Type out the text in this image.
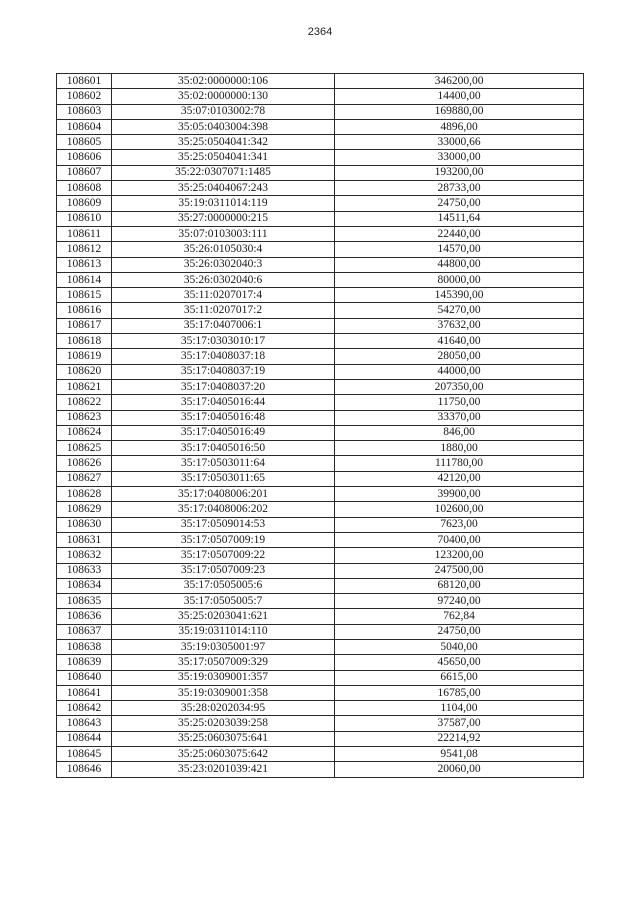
2364
108601	35:02:0000000:106	346200,00
108602	35:02:0000000:130	14400,00
108603	35:07:0103002:78	169880,00
108604	35:05:0403004:398	4896,00
108605	35:25:0504041:342	33000,66
108606	35:25:0504041:341	33000,00
108607	35:22:0307071:1485	193200,00
108608	35:25:0404067:243	28733,00
108609	35:19:0311014:119	24750,00
108610	35:27:0000000:215	14511,64
108611	35:07:0103003:111	22440,00
108612	35:26:0105030:4	14570,00
108613	35:26:0302040:3	44800,00
108614	35:26:0302040:6	80000,00
108615	35:11:0207017:4	145390,00
108616	35:11:0207017:2	54270,00
108617	35:17:0407006:1	37632,00
108618	35:17:0303010:17	41640,00
108619	35:17:0408037:18	28050,00
108620	35:17:0408037:19	44000,00
108621	35:17:0408037:20	207350,00
108622	35:17:0405016:44	11750,00
108623	35:17:0405016:48	33370,00
108624	35:17:0405016:49	846,00
108625	35:17:0405016:50	1880,00
108626	35:17:0503011:64	111780,00
108627	35:17:0503011:65	42120,00
108628	35:17:0408006:201	39900,00
108629	35:17:0408006:202	102600,00
108630	35:17:0509014:53	7623,00
108631	35:17:0507009:19	70400,00
108632	35:17:0507009:22	123200,00
108633	35:17:0507009:23	247500,00
108634	35:17:0505005:6	68120,00
108635	35:17:0505005:7	97240,00
108636	35:25:0203041:621	762,84
108637	35:19:0311014:110	24750,00
108638	35:19:0305001:97	5040,00
108639	35:17:0507009:329	45650,00
108640	35:19:0309001:357	6615,00
108641	35:19:0309001:358	16785,00
108642	35:28:0202034:95	1104,00
108643	35:25:0203039:258	37587,00
108644	35:25:0603075:641	22214,92
108645	35:25:0603075:642	9541,08
108646	35:23:0201039:421	20060,00
